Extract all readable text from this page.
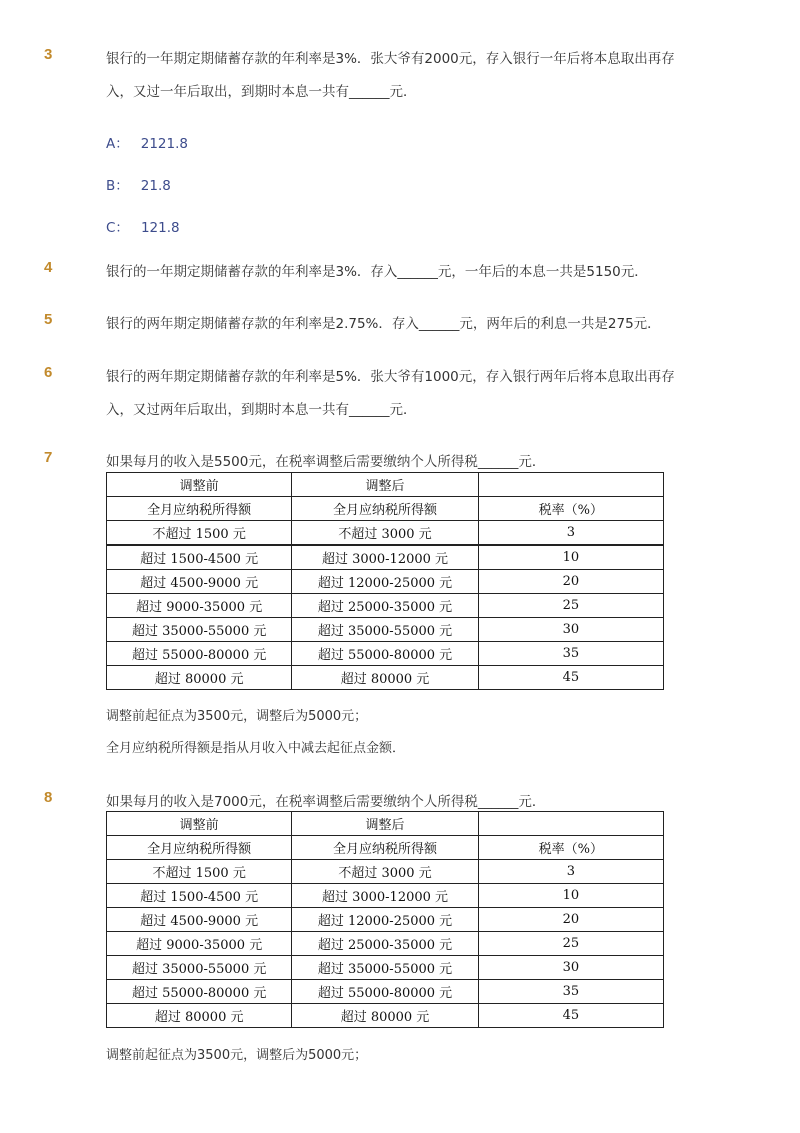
3	银行的一年期定期储蓄存款的年利率是3%．张大爷有2000元，存入银行一年后将本息取出再存
入，又过一年后取出，到期时本息一共有______元．
A： 2121.8
B： 21.8
C： 121.8
4	银行的一年期定期储蓄存款的年利率是3%．存入______元，一年后的本息一共是5150元．
5	银行的两年期定期储蓄存款的年利率是2.75%．存入______元，两年后的利息一共是275元．
6	银行的两年期定期储蓄存款的年利率是5%．张大爷有1000元，存入银行两年后将本息取出再存
入，又过两年后取出，到期时本息一共有______元．
7	如果每月的收入是5500元，在税率调整后需要缴纳个人所得税______元．
调整前	调整后	
全月应纳税所得额	全月应纳税所得额	税率（%）
不超过 1500 元	不超过 3000 元	3
超过 1500-4500 元	超过 3000-12000 元	10
超过 4500-9000 元	超过 12000-25000 元	20
超过 9000-35000 元	超过 25000-35000 元	25
超过 35000-55000 元	超过 35000-55000 元	30
超过 55000-80000 元	超过 55000-80000 元	35
超过 80000 元	超过 80000 元	45
调整前起征点为3500元，调整后为5000元；
全月应纳税所得额是指从月收入中减去起征点金额．
8	如果每月的收入是7000元，在税率调整后需要缴纳个人所得税______元．
调整前	调整后	
全月应纳税所得额	全月应纳税所得额	税率（%）
不超过 1500 元	不超过 3000 元	3
超过 1500-4500 元	超过 3000-12000 元	10
超过 4500-9000 元	超过 12000-25000 元	20
超过 9000-35000 元	超过 25000-35000 元	25
超过 35000-55000 元	超过 35000-55000 元	30
超过 55000-80000 元	超过 55000-80000 元	35
超过 80000 元	超过 80000 元	45
调整前起征点为3500元，调整后为5000元；
